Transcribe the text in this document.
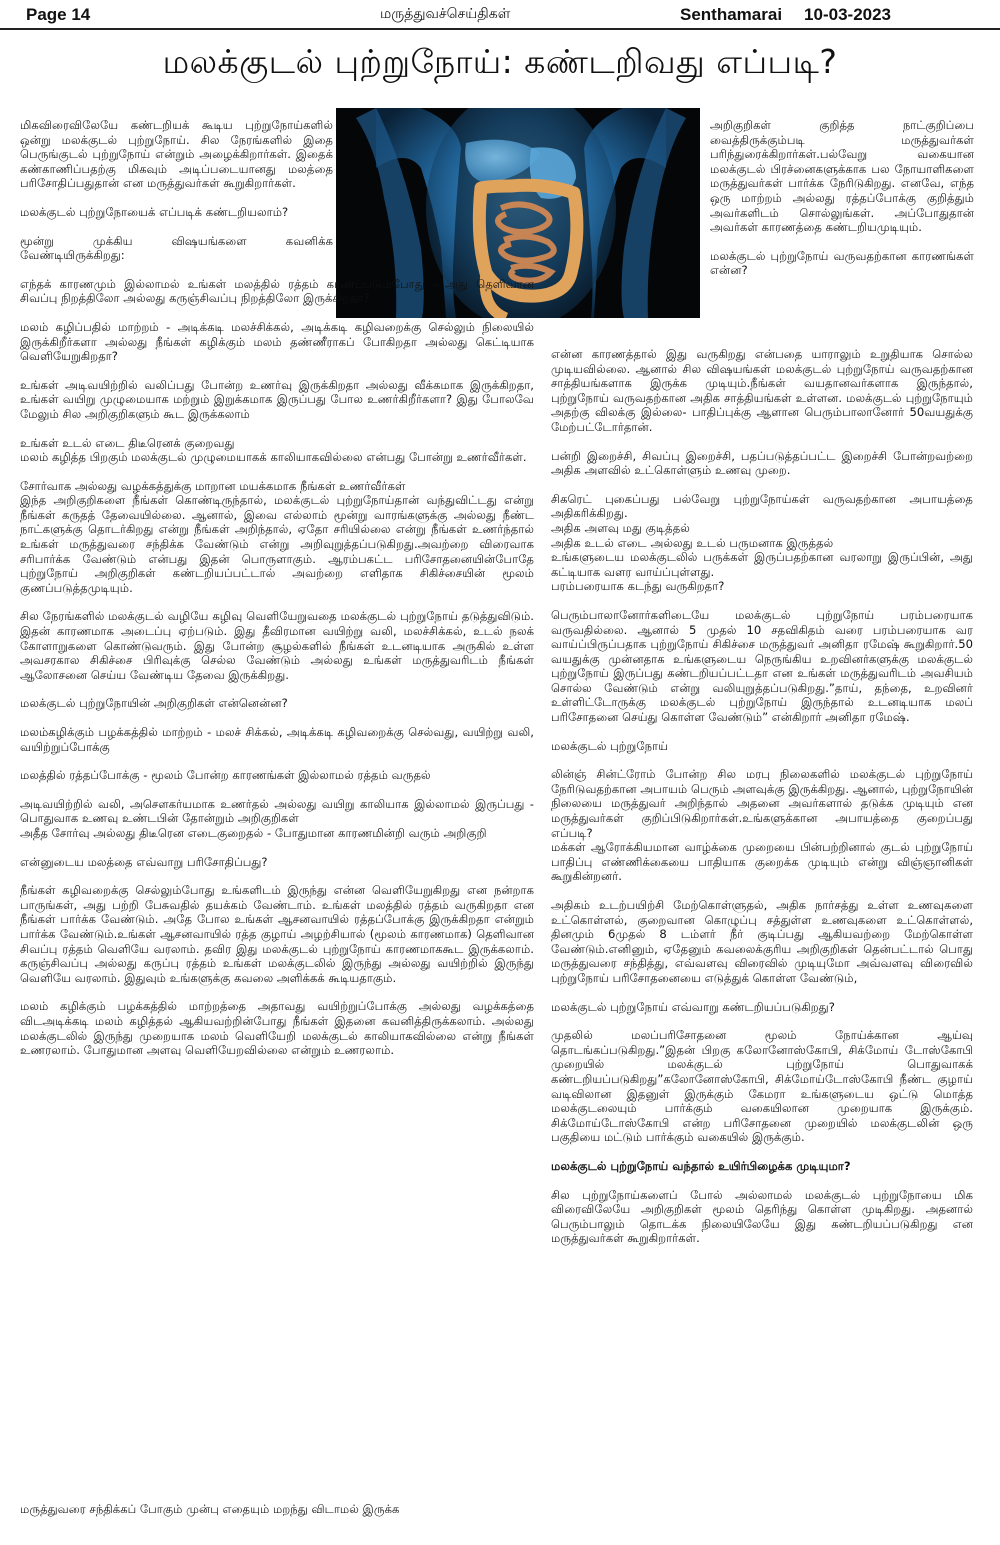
Page 14	மருத்துவச்செய்திகள்	Senthamarai 10-03-2023
மலக்குடல் புற்றுநோய்: கண்டறிவது எப்படி?

மிகவிரைவிலேயே கண்டறியக் கூடிய புற்றுநோய்களில் ஒன்று மலக்குடல் புற்றுநோய். சில நேரங்களில் இதை பெருங்குடல் புற்றுநோய் என்றும் அழைக்கிறார்கள். இதைக் கண்காணிப்பதற்கு மிகவும் அடிப்படையானது மலத்தை பரிசோதிப்பதுதான் என மருத்துவர்கள் கூறுகிறார்கள்.

மலக்குடல் புற்றுநோயைக் எப்படிக் கண்டறியலாம்?

மூன்று முக்கிய விஷயங்களை கவனிக்க வேண்டியிருக்கிறது:

எந்தக் காரணமும் இல்லாமல் உங்கள் மலத்தில் ரத்தம் காணப்படும்போது - அது தெளிவான சிவப்பு நிறத்திலோ அல்லது கருஞ்சிவப்பு நிறத்திலோ இருக்கிறதா?

மலம் கழிப்பதில் மாற்றம் - அடிக்கடி மலச்சிக்கல், அடிக்கடி கழிவறைக்கு செல்லும் நிலையில் இருக்கிறீர்களா அல்லது நீங்கள் கழிக்கும் மலம் தண்ணீராகப் போகிறதா அல்லது கெட்டியாக வெளியேறுகிறதா?

உங்கள் அடிவயிற்றில் வலிப்பது போன்ற உணர்வு இருக்கிறதா அல்லது வீக்கமாக இருக்கிறதா, உங்கள் வயிறு முழுமையாக மற்றும் இறுக்கமாக இருப்பது போல உணர்கிறீர்களா? இது போலவே மேலும் சில அறிகுறிகளும் கூட இருக்கலாம்

உங்கள் உடல் எடை திடீரெனக் குறைவது
மலம் கழித்த பிறகும் மலக்குடல் முழுமையாகக் காலியாகவில்லை என்பது போன்று உணர்வீர்கள்.

சோர்வாக அல்லது வழக்கத்துக்கு மாறான மயக்கமாக நீங்கள் உணர்வீர்கள்
இந்த அறிகுறிகளை நீங்கள் கொண்டிருந்தால், மலக்குடல் புற்றுநோய்தான் வந்துவிட்டது என்று நீங்கள் கருதத் தேவையில்லை. ஆனால், இவை எல்லாம் மூன்று வாரங்களுக்கு அல்லது நீண்ட நாட்களுக்கு தொடர்கிறது என்று நீங்கள் அறிந்தால், ஏதோ சரியில்லை என்று நீங்கள் உணர்ந்தால் உங்கள் மருத்துவரை சந்திக்க வேண்டும் என்று அறிவுறுத்தப்படுகிறது.அவற்றை விரைவாக சரிபார்க்க வேண்டும் என்பது இதன் பொருளாகும். ஆரம்பகட்ட பரிசோதனையின்போதே புற்றுநோய் அறிகுறிகள் கண்டறியப்பட்டால் அவற்றை எளிதாக சிகிச்சையின் மூலம் குணப்படுத்தமுடியும்.

சில நேரங்களில் மலக்குடல் வழியே கழிவு வெளியேறுவதை மலக்குடல் புற்றுநோய் தடுத்துவிடும். இதன் காரணமாக அடைப்பு ஏற்படும். இது தீவிரமான வயிற்று வலி, மலச்சிக்கல், உடல் நலக் கோளாறுகளை கொண்டுவரும். இது போன்ற சூழல்களில் நீங்கள் உடனடியாக அருகில் உள்ள அவசரகால சிகிச்சை பிரிவுக்கு செல்ல வேண்டும் அல்லது உங்கள் மருத்துவரிடம் நீங்கள் ஆலோசனை செய்ய வேண்டிய தேவை இருக்கிறது.

மலக்குடல் புற்றுநோயின் அறிகுறிகள் என்னென்ன?

மலம்கழிக்கும் பழக்கத்தில் மாற்றம் - மலச் சிக்கல், அடிக்கடி கழிவறைக்கு செல்வது, வயிற்று வலி, வயிற்றுப்போக்கு

மலத்தில் ரத்தப்போக்கு - மூலம் போன்ற காரணங்கள் இல்லாமல் ரத்தம் வருதல்

அடிவயிற்றில் வலி, அசௌகர்யமாக உணர்தல் அல்லது வயிறு காலியாக இல்லாமல் இருப்பது - பொதுவாக உணவு உண்டபின் தோன்றும் அறிகுறிகள்
அதீத சோர்வு அல்லது திடீரென எடைகுறைதல் - போதுமான காரணமின்றி வரும் அறிகுறி

என்னுடைய மலத்தை எவ்வாறு பரிசோதிப்பது?

நீங்கள் கழிவறைக்கு செல்லும்போது உங்களிடம் இருந்து என்ன வெளியேறுகிறது என நன்றாக பாருங்கள், அது பற்றி பேசுவதில் தயக்கம் வேண்டாம். உங்கள் மலத்தில் ரத்தம் வருகிறதா என நீங்கள் பார்க்க வேண்டும். அதே போல உங்கள் ஆசனவாயில் ரத்தப்போக்கு இருக்கிறதா என்றும் பார்க்க வேண்டும்.உங்கள் ஆசனவாயில் ரத்த குழாய் அழற்சியால் (மூலம் காரணமாக) தெளிவான சிவப்பு ரத்தம் வெளியே வரலாம். தவிர இது மலக்குடல் புற்றுநோய் காரணமாககூட இருக்கலாம். கருஞ்சிவப்பு அல்லது கருப்பு ரத்தம் உங்கள் மலக்குடலில் இருந்து அல்லது வயிற்றில் இருந்து வெளியே வரலாம். இதுவும் உங்களுக்கு கவலை அளிக்கக் கூடியதாகும்.

மலம் கழிக்கும் பழக்கத்தில் மாற்றத்தை அதாவது வயிற்றுப்போக்கு அல்லது வழக்கத்தை விடஅடிக்கடி மலம் கழித்தல் ஆகியவற்றின்போது நீங்கள் இதனை கவனித்திருக்கலாம். அல்லது மலக்குடலில் இருந்து முறையாக மலம் வெளியேறி மலக்குடல் காலியாகவில்லை என்று நீங்கள் உணரலாம். போதுமான அளவு வெளியேறவில்லை என்றும் உணரலாம்.

மருத்துவரை சந்திக்கப் போகும் முன்பு எதையும் மறந்து விடாமல் இருக்க

அறிகுறிகள் குறித்த நாட்குறிப்பை வைத்திருக்கும்படி மருத்துவர்கள் பரிந்துரைக்கிறார்கள்.பல்வேறு வகையான மலக்குடல் பிரச்னைகளுக்காக பல நோயாளிகளை மருத்துவர்கள் பார்க்க நேரிடுகிறது. எனவே, எந்த ஒரு மாற்றம் அல்லது ரத்தப்போக்கு குறித்தும் அவர்களிடம் சொல்லுங்கள். அப்போதுதான் அவர்கள் காரணத்தை கண்டறியமுடியும்.

மலக்குடல் புற்றுநோய் வருவதற்கான காரணங்கள் என்ன?

என்ன காரணத்தால் இது வருகிறது என்பதை யாராலும் உறுதியாக சொல்ல முடியவில்லை. ஆனால் சில விஷயங்கள் மலக்குடல் புற்றுநோய் வருவதற்கான சாத்தியங்களாக இருக்க முடியும்.நீங்கள் வயதானவர்களாக இருந்தால், புற்றுநோய் வருவதற்கான அதிக சாத்தியங்கள் உள்ளன. மலக்குடல் புற்றுநோயும் அதற்கு விலக்கு இல்லை- பாதிப்புக்கு ஆளான பெரும்பாலானோர் 50வயதுக்கு மேற்பட்டோர்தான்.

பன்றி இறைச்சி, சிவப்பு இறைச்சி, பதப்படுத்தப்பட்ட இறைச்சி போன்றவற்றை அதிக அளவில் உட்கொள்ளும் உணவு முறை.

சிகரெட் புகைப்பது பல்வேறு புற்றுநோய்கள் வருவதற்கான அபாயத்தை அதிகரிக்கிறது.
அதிக அளவு மது குடித்தல்
அதிக உடல் எடை அல்லது உடல் பருமனாக இருத்தல்
உங்களுடைய மலக்குடலில் பருக்கள் இருப்பதற்கான வரலாறு இருப்பின், அது கட்டியாக வளர வாய்ப்புள்ளது.
பரம்பரையாக கடந்து வருகிறதா?

பெரும்பாலானோர்களிடையே மலக்குடல் புற்றுநோய் பரம்பரையாக வருவதில்லை. ஆனால் 5 முதல் 10 சதவிகிதம் வரை பரம்பரையாக வர வாய்ப்பிருப்பதாக புற்றுநோய் சிகிச்சை மருத்துவர் அனிதா ரமேஷ் கூறுகிறார்.50 வயதுக்கு முன்னதாக உங்களுடைய நெருங்கிய உறவினர்களுக்கு மலக்குடல் புற்றுநோய் இருப்பது கண்டறியப்பட்டதா என உங்கள் மருத்துவரிடம் அவசியம் சொல்ல வேண்டும் என்று வலியுறுத்தப்படுகிறது.”தாய், தந்தை, உறவினர் உள்ளிட்டோருக்கு மலக்குடல் புற்றுநோய் இருந்தால் உடனடியாக மலப் பரிசோதனை செய்து கொள்ள வேண்டும்” என்கிறார் அனிதா ரமேஷ்.

மலக்குடல் புற்றுநோய்

லின்ஞ் சின்ட்ரோம் போன்ற சில மரபு நிலைகளில் மலக்குடல் புற்றுநோய் நேரிடுவதற்கான அபாயம் பெரும் அளவுக்கு இருக்கிறது. ஆனால், புற்றுநோயின் நிலையை மருத்துவர் அறிந்தால் அதனை அவர்களால் தடுக்க முடியும் என மருத்துவர்கள் குறிப்பிடுகிறார்கள்.உங்களுக்கான அபாயத்தை குறைப்பது எப்படி?
மக்கள் ஆரோக்கியமான வாழ்க்கை முறையை பின்பற்றினால் குடல் புற்றுநோய் பாதிப்பு எண்ணிக்கையை பாதியாக குறைக்க முடியும் என்று விஞ்ஞானிகள் கூறுகின்றனர்.

அதிகம் உடற்பயிற்சி மேற்கொள்ளுதல், அதிக நார்சத்து உள்ள உணவுகளை உட்கொள்ளல், குறைவான கொழுப்பு சத்துள்ள உணவுகளை உட்கொள்ளல், தினமும் 6முதல் 8 டம்ளர் நீர் குடிப்பது ஆகியவற்றை மேற்கொள்ள வேண்டும்.எனினும், ஏதேனும் கவலைக்குரிய அறிகுறிகள் தென்பட்டால் பொது மருத்துவரை சந்தித்து, எவ்வளவு விரைவில் முடியுமோ அவ்வளவு விரைவில் புற்றுநோய் பரிசோதனையை எடுத்துக் கொள்ள வேண்டும்,

மலக்குடல் புற்றுநோய் எவ்வாறு கண்டறியப்படுகிறது?

முதலில் மலப்பரிசோதனை மூலம் நோய்க்கான ஆய்வு தொடங்கப்படுகிறது.”இதன் பிறகு கலோனோஸ்கோபி, சிக்மோய் டோஸ்கோபி முறையில் மலக்குடல் புற்றுநோய் பொதுவாகக் கண்டறியப்படுகிறது”கலோனோஸ்கோபி, சிக்மோய்டோஸ்கோபி நீண்ட குழாய் வடிவிலான இதனுள் இருக்கும் கேமரா உங்களுடைய ஒட்டு மொத்த மலக்குடலையும் பார்க்கும் வகையிலான முறையாக இருக்கும். சிக்மோய்டோஸ்கோபி என்ற பரிசோதனை முறையில் மலக்குடலின் ஒரு பகுதியை மட்டும் பார்க்கும் வகையில் இருக்கும்.

மலக்குடல் புற்றுநோய் வந்தால் உயிர்பிழைக்க முடியுமா?

சில புற்றுநோய்களைப் போல் அல்லாமல் மலக்குடல் புற்றுநோயை மிக விரைவிலேயே அறிகுறிகள் மூலம் தெரிந்து கொள்ள முடிகிறது. அதனால் பெரும்பாலும் தொடக்க நிலையிலேயே இது கண்டறியப்படுகிறது என மருத்துவர்கள் கூறுகிறார்கள்.
